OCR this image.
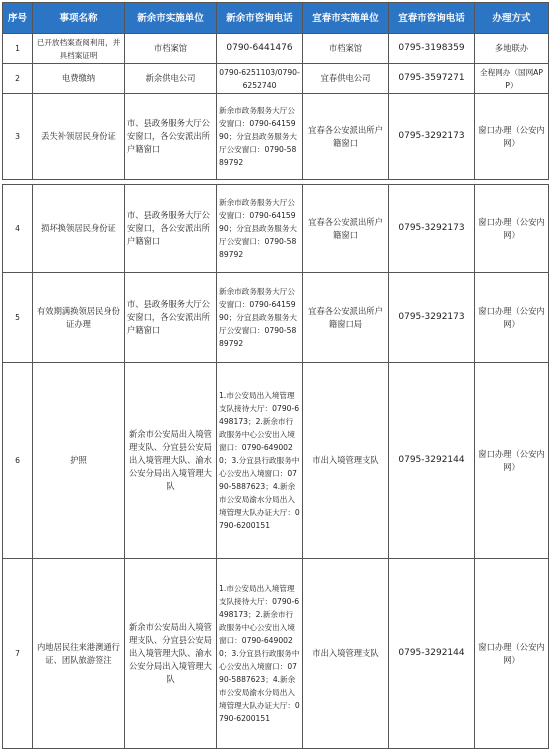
序号	事项名称	新余市实施单位	新余市咨询电话	宜春市实施单位	宜春市咨询电话	办理方式
1	已开放档案查阅利用，并具档案证明	市档案馆	0790-6441476	市档案馆	0795-3198359	多地联办
2	电费缴纳	新余供电公司	0790-6251103/0790-6252740	宜春供电公司	0795-3597271	全程网办（国网APP）
3	丢失补领居民身份证	市、县政务服务大厅公安窗口，各公安派出所户籍窗口	新余市政务服务大厅公安窗口：0790-6415990；分宜县政务服务大厅公安窗口：0790-5889792	宜春各公安派出所户籍窗口	0795-3292173	窗口办理（公安内网）
4	损坏换领居民身份证	市、县政务服务大厅公安窗口，各公安派出所户籍窗口	新余市政务服务大厅公安窗口：0790-6415990；分宜县政务服务大厅公安窗口：0790-5889792	宜春各公安派出所户籍窗口	0795-3292173	窗口办理（公安内网）
5	有效期满换领居民身份证办理	市、县政务服务大厅公安窗口，各公安派出所户籍窗口	新余市政务服务大厅公安窗口：0790-6415990；分宜县政务服务大厅公安窗口：0790-5889792	宜春各公安派出所户籍窗口局	0795-3292173	窗口办理（公安内网）
6	护照	新余市公安局出入境管理支队、分宜县公安局出入境管理大队、渝水公安分局出入境管理大队	1.市公安局出入境管理支队接待大厅：0790-6498173；2.新余市行政服务中心公安出入境窗口：0790-6490020；3.分宜县行政服务中心公安出入境窗口：0790-5887623；4.新余市公安局渝水分局出入境管理大队办证大厅：0790-6200151	市出入境管理支队	0795-3292144	窗口办理（公安内网）
7	内地居民往来港澳通行证、团队旅游签注	新余市公安局出入境管理支队、分宜县公安局出入境管理大队、渝水公安分局出入境管理大队	1.市公安局出入境管理支队接待大厅：0790-6498173；2.新余市行政服务中心公安出入境窗口：0790-6490020；3.分宜县行政服务中心公安出入境窗口：0790-5887623；4.新余市公安局渝水分局出入境管理大队办证大厅：0790-6200151	市出入境管理支队	0795-3292144	窗口办理（公安内网）
